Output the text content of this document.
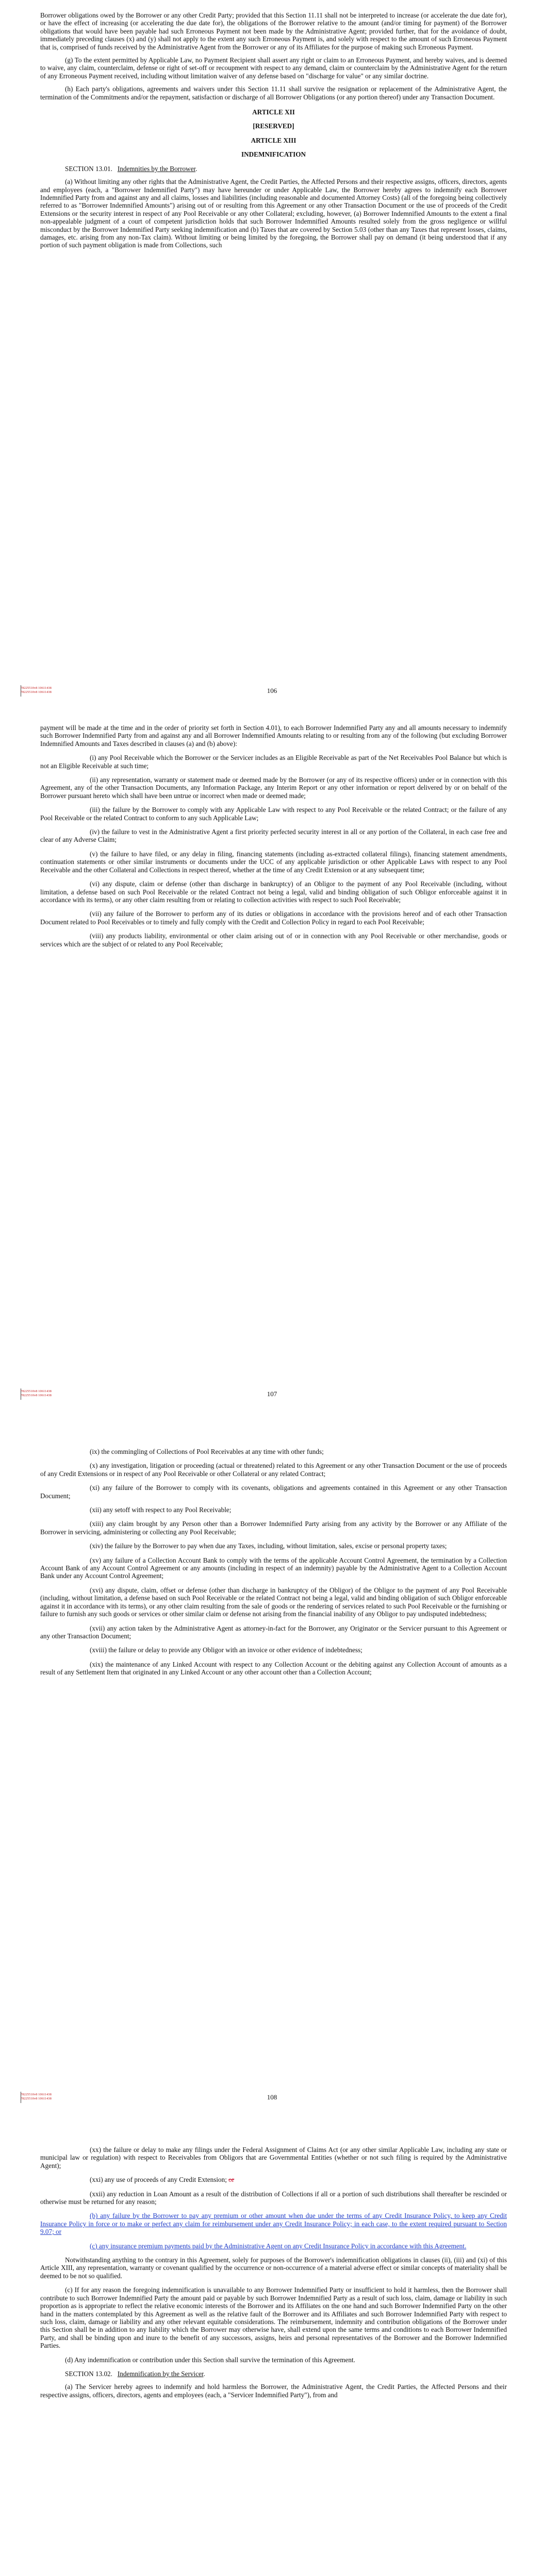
Borrower obligations owed by the Borrower or any other Credit Party; provided that this Section 11.11 shall not be interpreted to increase (or accelerate the due date for), or have the effect of increasing (or accelerating the due date for), the obligations of the Borrower relative to the amount (and/or timing for payment) of the Borrower obligations that would have been payable had such Erroneous Payment not been made by the Administrative Agent; provided further, that for the avoidance of doubt, immediately preceding clauses (x) and (y) shall not apply to the extent any such Erroneous Payment is, and solely with respect to the amount of such Erroneous Payment that is, comprised of funds received by the Administrative Agent from the Borrower or any of its Affiliates for the purpose of making such Erroneous Payment.

(g) To the extent permitted by Applicable Law, no Payment Recipient shall assert any right or claim to an Erroneous Payment, and hereby waives, and is deemed to waive, any claim, counterclaim, defense or right of set-off or recoupment with respect to any demand, claim or counterclaim by the Administrative Agent for the return of any Erroneous Payment received, including without limitation waiver of any defense based on "discharge for value" or any similar doctrine.

(h) Each party's obligations, agreements and waivers under this Section 11.11 shall survive the resignation or replacement of the Administrative Agent, the termination of the Commitments and/or the repayment, satisfaction or discharge of all Borrower Obligations (or any portion thereof) under any Transaction Document.

ARTICLE XII

[RESERVED]

ARTICLE XIII

INDEMNIFICATION

SECTION 13.01. Indemnities by the Borrower.

(a) Without limiting any other rights that the Administrative Agent, the Credit Parties, the Affected Persons and their respective assigns, officers, directors, agents and employees (each, a "Borrower Indemnified Party") may have hereunder or under Applicable Law, the Borrower hereby agrees to indemnify each Borrower Indemnified Party from and against any and all claims, losses and liabilities (including reasonable and documented Attorney Costs) (all of the foregoing being collectively referred to as "Borrower Indemnified Amounts") arising out of or resulting from this Agreement or any other Transaction Document or the use of proceeds of the Credit Extensions or the security interest in respect of any Pool Receivable or any other Collateral; excluding, however, (a) Borrower Indemnified Amounts to the extent a final non-appealable judgment of a court of competent jurisdiction holds that such Borrower Indemnified Amounts resulted solely from the gross negligence or willful misconduct by the Borrower Indemnified Party seeking indemnification and (b) Taxes that are covered by Section 5.03 (other than any Taxes that represent losses, claims, damages, etc. arising from any non-Tax claim). Without limiting or being limited by the foregoing, the Borrower shall pay on demand (it being understood that if any portion of such payment obligation is made from Collections, such

78225510v8 10611438
78225510v8 10611438	106

payment will be made at the time and in the order of priority set forth in Section 4.01), to each Borrower Indemnified Party any and all amounts necessary to indemnify such Borrower Indemnified Party from and against any and all Borrower Indemnified Amounts relating to or resulting from any of the following (but excluding Borrower Indemnified Amounts and Taxes described in clauses (a) and (b) above):

(i) any Pool Receivable which the Borrower or the Servicer includes as an Eligible Receivable as part of the Net Receivables Pool Balance but which is not an Eligible Receivable at such time;

(ii) any representation, warranty or statement made or deemed made by the Borrower (or any of its respective officers) under or in connection with this Agreement, any of the other Transaction Documents, any Information Package, any Interim Report or any other information or report delivered by or on behalf of the Borrower pursuant hereto which shall have been untrue or incorrect when made or deemed made;

(iii) the failure by the Borrower to comply with any Applicable Law with respect to any Pool Receivable or the related Contract; or the failure of any Pool Receivable or the related Contract to conform to any such Applicable Law;

(iv) the failure to vest in the Administrative Agent a first priority perfected security interest in all or any portion of the Collateral, in each case free and clear of any Adverse Claim;

(v) the failure to have filed, or any delay in filing, financing statements (including as-extracted collateral filings), financing statement amendments, continuation statements or other similar instruments or documents under the UCC of any applicable jurisdiction or other Applicable Laws with respect to any Pool Receivable and the other Collateral and Collections in respect thereof, whether at the time of any Credit Extension or at any subsequent time;

(vi) any dispute, claim or defense (other than discharge in bankruptcy) of an Obligor to the payment of any Pool Receivable (including, without limitation, a defense based on such Pool Receivable or the related Contract not being a legal, valid and binding obligation of such Obligor enforceable against it in accordance with its terms), or any other claim resulting from or relating to collection activities with respect to such Pool Receivable;

(vii) any failure of the Borrower to perform any of its duties or obligations in accordance with the provisions hereof and of each other Transaction Document related to Pool Receivables or to timely and fully comply with the Credit and Collection Policy in regard to each Pool Receivable;

(viii) any products liability, environmental or other claim arising out of or in connection with any Pool Receivable or other merchandise, goods or services which are the subject of or related to any Pool Receivable;

78225510v8 10611438
78225510v8 10611438	107

(ix) the commingling of Collections of Pool Receivables at any time with other funds;

(x) any investigation, litigation or proceeding (actual or threatened) related to this Agreement or any other Transaction Document or the use of proceeds of any Credit Extensions or in respect of any Pool Receivable or other Collateral or any related Contract;

(xi) any failure of the Borrower to comply with its covenants, obligations and agreements contained in this Agreement or any other Transaction Document;

(xii) any setoff with respect to any Pool Receivable;

(xiii) any claim brought by any Person other than a Borrower Indemnified Party arising from any activity by the Borrower or any Affiliate of the Borrower in servicing, administering or collecting any Pool Receivable;

(xiv) the failure by the Borrower to pay when due any Taxes, including, without limitation, sales, excise or personal property taxes;

(xv) any failure of a Collection Account Bank to comply with the terms of the applicable Account Control Agreement, the termination by a Collection Account Bank of any Account Control Agreement or any amounts (including in respect of an indemnity) payable by the Administrative Agent to a Collection Account Bank under any Account Control Agreement;

(xvi) any dispute, claim, offset or defense (other than discharge in bankruptcy of the Obligor) of the Obligor to the payment of any Pool Receivable (including, without limitation, a defense based on such Pool Receivable or the related Contract not being a legal, valid and binding obligation of such Obligor enforceable against it in accordance with its terms), or any other claim resulting from the sale of goods or the rendering of services related to such Pool Receivable or the furnishing or failure to furnish any such goods or services or other similar claim or defense not arising from the financial inability of any Obligor to pay undisputed indebtedness;

(xvii) any action taken by the Administrative Agent as attorney-in-fact for the Borrower, any Originator or the Servicer pursuant to this Agreement or any other Transaction Document;

(xviii) the failure or delay to provide any Obligor with an invoice or other evidence of indebtedness;

(xix) the maintenance of any Linked Account with respect to any Collection Account or the debiting against any Collection Account of amounts as a result of any Settlement Item that originated in any Linked Account or any other account other than a Collection Account;

78225510v8 10611438
78225510v8 10611438	108

(xx) the failure or delay to make any filings under the Federal Assignment of Claims Act (or any other similar Applicable Law, including any state or municipal law or regulation) with respect to Receivables from Obligors that are Governmental Entities (whether or not such filing is required by the Administrative Agent);

(xxi) any use of proceeds of any Credit Extension; or

(xxii) any reduction in Loan Amount as a result of the distribution of Collections if all or a portion of such distributions shall thereafter be rescinded or otherwise must be returned for any reason;

(b) any failure by the Borrower to pay any premium or other amount when due under the terms of any Credit Insurance Policy, to keep any Credit Insurance Policy in force or to make or perfect any claim for reimbursement under any Credit Insurance Policy; in each case, to the extent required pursuant to Section 9.07; or

(c) any insurance premium payments paid by the Administrative Agent on any Credit Insurance Policy in accordance with this Agreement.

Notwithstanding anything to the contrary in this Agreement, solely for purposes of the Borrower's indemnification obligations in clauses (ii), (iii) and (xi) of this Article XIII, any representation, warranty or covenant qualified by the occurrence or non-occurrence of a material adverse effect or similar concepts of materiality shall be deemed to be not so qualified.

(c) If for any reason the foregoing indemnification is unavailable to any Borrower Indemnified Party or insufficient to hold it harmless, then the Borrower shall contribute to such Borrower Indemnified Party the amount paid or payable by such Borrower Indemnified Party as a result of such loss, claim, damage or liability in such proportion as is appropriate to reflect the relative economic interests of the Borrower and its Affiliates on the one hand and such Borrower Indemnified Party on the other hand in the matters contemplated by this Agreement as well as the relative fault of the Borrower and its Affiliates and such Borrower Indemnified Party with respect to such loss, claim, damage or liability and any other relevant equitable considerations. The reimbursement, indemnity and contribution obligations of the Borrower under this Section shall be in addition to any liability which the Borrower may otherwise have, shall extend upon the same terms and conditions to each Borrower Indemnified Party, and shall be binding upon and inure to the benefit of any successors, assigns, heirs and personal representatives of the Borrower and the Borrower Indemnified Parties.

(d) Any indemnification or contribution under this Section shall survive the termination of this Agreement.

SECTION 13.02. Indemnification by the Servicer.

(a) The Servicer hereby agrees to indemnify and hold harmless the Borrower, the Administrative Agent, the Credit Parties, the Affected Persons and their respective assigns, officers, directors, agents and employees (each, a "Servicer Indemnified Party"), from and
